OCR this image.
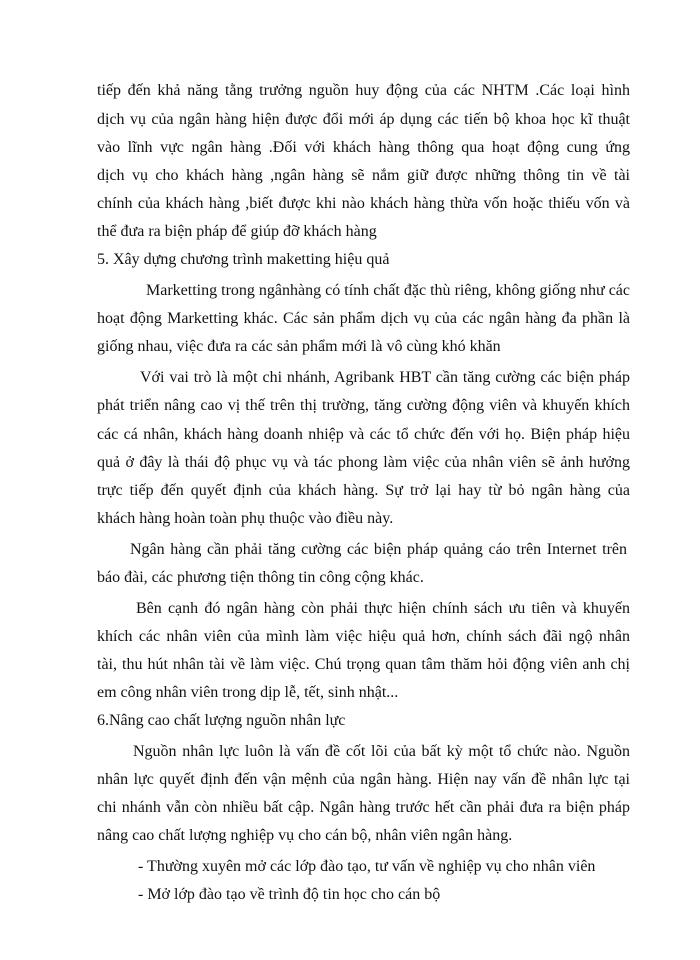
tiếp đến khả năng tằng trưởng nguồn huy động của các NHTM .Các loại hình
dịch vụ của ngân hàng hiện được đổi mới áp dụng các tiến bộ khoa học kĩ thuật
vào lĩnh vực ngân hàng .Đối với khách hàng thông qua hoạt động cung ứng
dịch vụ cho khách hàng ,ngân hàng sẽ nắm giữ được những thông tin về tài
chính của khách hàng ,biết được khi nào khách hàng thừa vốn hoặc thiếu vốn và
thể đưa ra biện pháp để giúp đỡ khách hàng
5. Xây dựng chương trình maketting hiệu quả
Marketting trong ngânhàng có tính chất đặc thù riêng, không giống như các
hoạt động Marketting khác. Các sản phẩm dịch vụ của các ngân hàng đa phần là
giống nhau, việc đưa ra các sản phẩm mới là vô cùng khó khăn
Với vai trò là một chi nhánh, Agribank HBT cần tăng cường các biện pháp
phát triển nâng cao vị thế trên thị trường, tăng cường động viên và khuyến khích
các cá nhân, khách hàng doanh nhiệp và các tổ chức đến với họ. Biện pháp hiệu
quả ở đây là thái độ phục vụ và tác phong làm việc của nhân viên sẽ ảnh hưởng
trực tiếp đến quyết định của khách hàng. Sự trở lại hay từ bỏ ngân hàng của
khách hàng hoàn toàn phụ thuộc vào điều này.
Ngân hàng cần phải tăng cường các biện pháp quảng cáo trên Internet trên
báo đài, các phương tiện thông tin công cộng khác.
Bên cạnh đó ngân hàng còn phải thực hiện chính sách ưu tiên và khuyến
khích các nhân viên của mình làm việc hiệu quả hơn, chính sách đãi ngộ nhân
tài, thu hút nhân tài về làm việc. Chú trọng quan tâm thăm hỏi động viên anh chị
em công nhân viên trong dịp lễ, tết, sinh nhật...
6.Nâng cao chất lượng nguồn nhân lực
Nguồn nhân lực luôn là vấn đề cốt lõi của bất kỳ một tổ chức nào. Nguồn
nhân lực quyết định đến vận mệnh của ngân hàng. Hiện nay vấn đề nhân lực tại
chi nhánh vẫn còn nhiều bất cập. Ngân hàng trước hết cần phải đưa ra biện pháp
nâng cao chất lượng nghiệp vụ cho cán bộ, nhân viên ngân hàng.
- Thường xuyên mở các lớp đào tạo, tư vấn về nghiệp vụ cho nhân viên
- Mở lớp đào tạo về trình độ tin học cho cán bộ
